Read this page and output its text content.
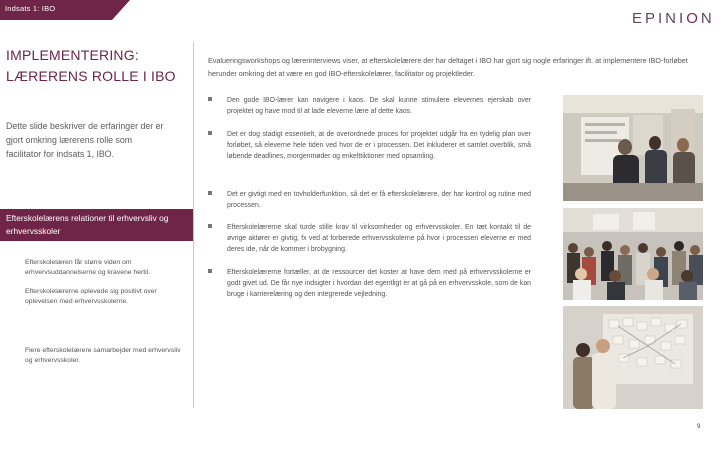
Indsats 1: IBO
EPINION
IMPLEMENTERING: LÆRERENS ROLLE I IBO
Dette slide beskriver de erfaringer der er gjort omkring lærerens rolle som facilitator for indsats 1, IBO.
Efterskolelærens relationer til erhvervsliv og erhvervsskoler
Efterskolelæren får større viden om erhvervsuddannelserne og kravene hertil.
Efterskolelærerne oplevede sig positivt over oplevelsen med erhvervsskolerne.
Flere efterskolelærere samarbejder med erhvervsliv og erhvervsskoler.
Evalueringsworkshops og lærerinterviews viser, at efterskolelærere der har deltaget i IBO har gjort sig nogle erfaringer ift. at implementere IBO-forløbet herunder omkring det at være en god IBO-efterskolelærer, facilitator og projektleder.
Den gode IBO-lærer kan navigere i kaos. De skal kunne stimulere elevernes ejerskab over projektet og have mod til at lade eleverne lære af dette kaos.
Det er dog stadigt essentielt, at de overordnede proces for projektet udgår fra en tydelig plan over forløbet, så eleverne hele tiden ved hvor de er i processen. Det inkluderer et samlet overblik, små løbende deadlines, morgenmøder og enkelttiktioner med opsamling.
Det er givtigt med en tovholderfunktion, så det er få efterskolelærere, der har kontrol og rutine med processen.
Efterskolelærerne skal turde stille krav til virksomheder og erhvervsskoler. En tæt kontakt til de øvrige aktører er givtig, fx ved at forberede erhvervsskolerne på hvor i processen eleverne er med deres ide, når de kommer i brobygning.
Efterskolelærerne fortæller, at de ressourcer det koster at have dem med på erhvervsskolerne er godt givet ud. De får nye indsigter i hvordan det egentligt er at gå på en erhvervsskole, som de kan bruge i karrierelæring og den integrerede vejledning.
9
